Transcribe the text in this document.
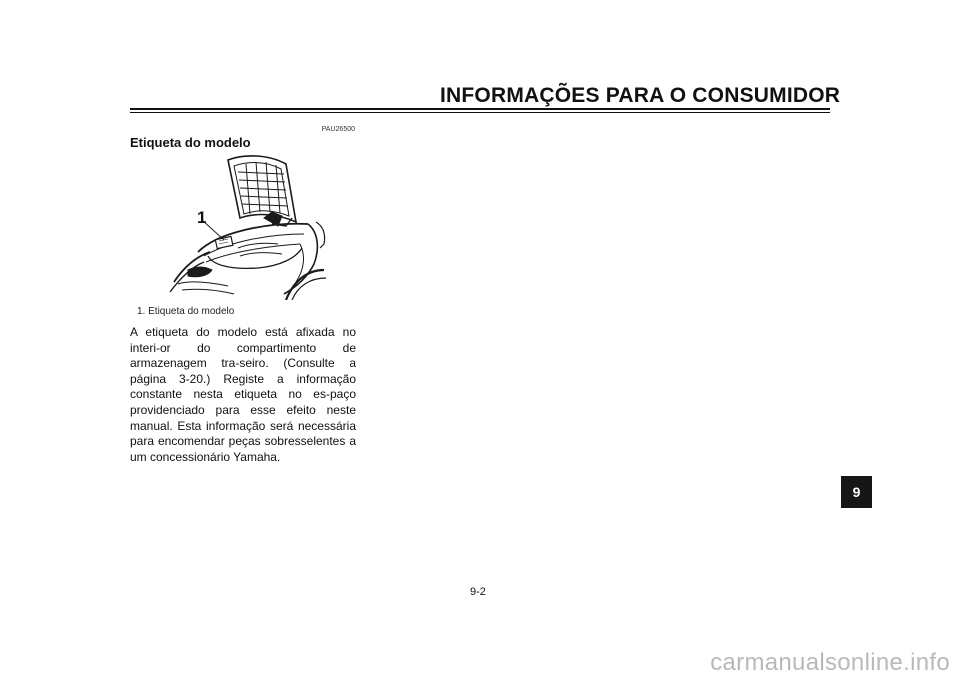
INFORMAÇÕES PARA O CONSUMIDOR
PAU26500
Etiqueta do modelo
1
1. Etiqueta do modelo
A etiqueta do modelo está afixada no interi-or do compartimento de armazenagem tra-seiro. (Consulte a página 3-20.) Registe a informação constante nesta etiqueta no es-paço providenciado para esse efeito neste manual. Esta informação será necessária para encomendar peças sobresselentes a um concessionário Yamaha.
9
9-2
carmanualsonline.info
